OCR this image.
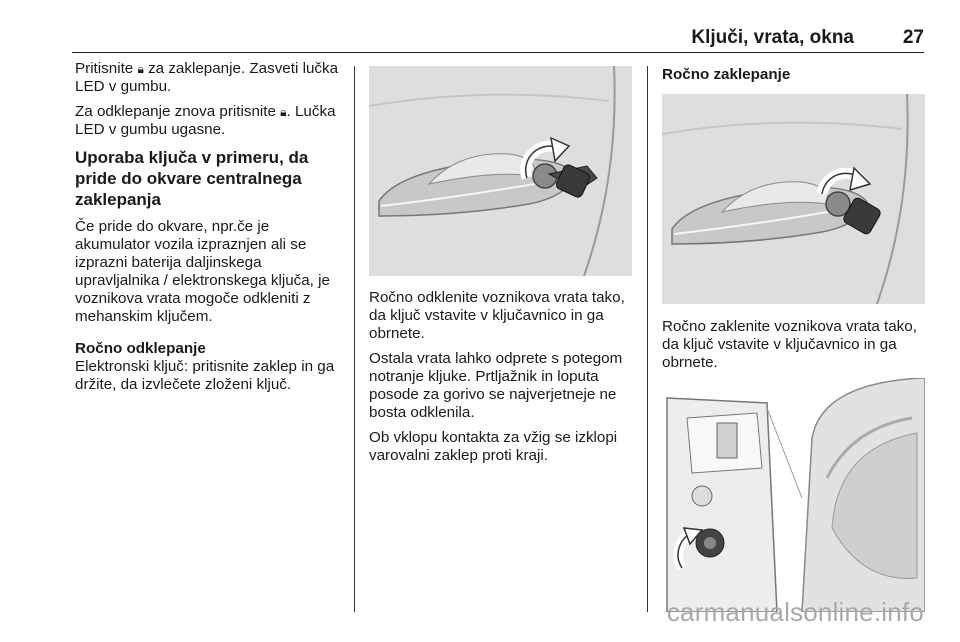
Ključi, vrata, okna	27

Pritisnite 🔒︎ za zaklepanje. Zasveti lučka LED v gumbu.

Za odklepanje znova pritisnite 🔒︎. Lučka LED v gumbu ugasne.

Uporaba ključa v primeru, da pride do okvare centralnega zaklepanja

Če pride do okvare, npr.če je akumulator vozila izpraznjen ali se izprazni baterija daljinskega upravljalnika / elektronskega ključa, je voznikova vrata mogoče odkleniti z mehanskim ključem.

Ročno odklepanje
Elektronski ključ: pritisnite zaklep in ga držite, da izvlečete zloženi ključ.

Ročno odklenite voznikova vrata tako, da ključ vstavite v ključavnico in ga obrnete.

Ostala vrata lahko odprete s potegom notranje kljuke. Prtljažnik in loputa posode za gorivo se najverjetneje ne bosta odklenila.

Ob vklopu kontakta za vžig se izklopi varovalni zaklep proti kraji.

Ročno zaklepanje

Ročno zaklenite voznikova vrata tako, da ključ vstavite v ključavnico in ga obrnete.

carmanualsonline.info
